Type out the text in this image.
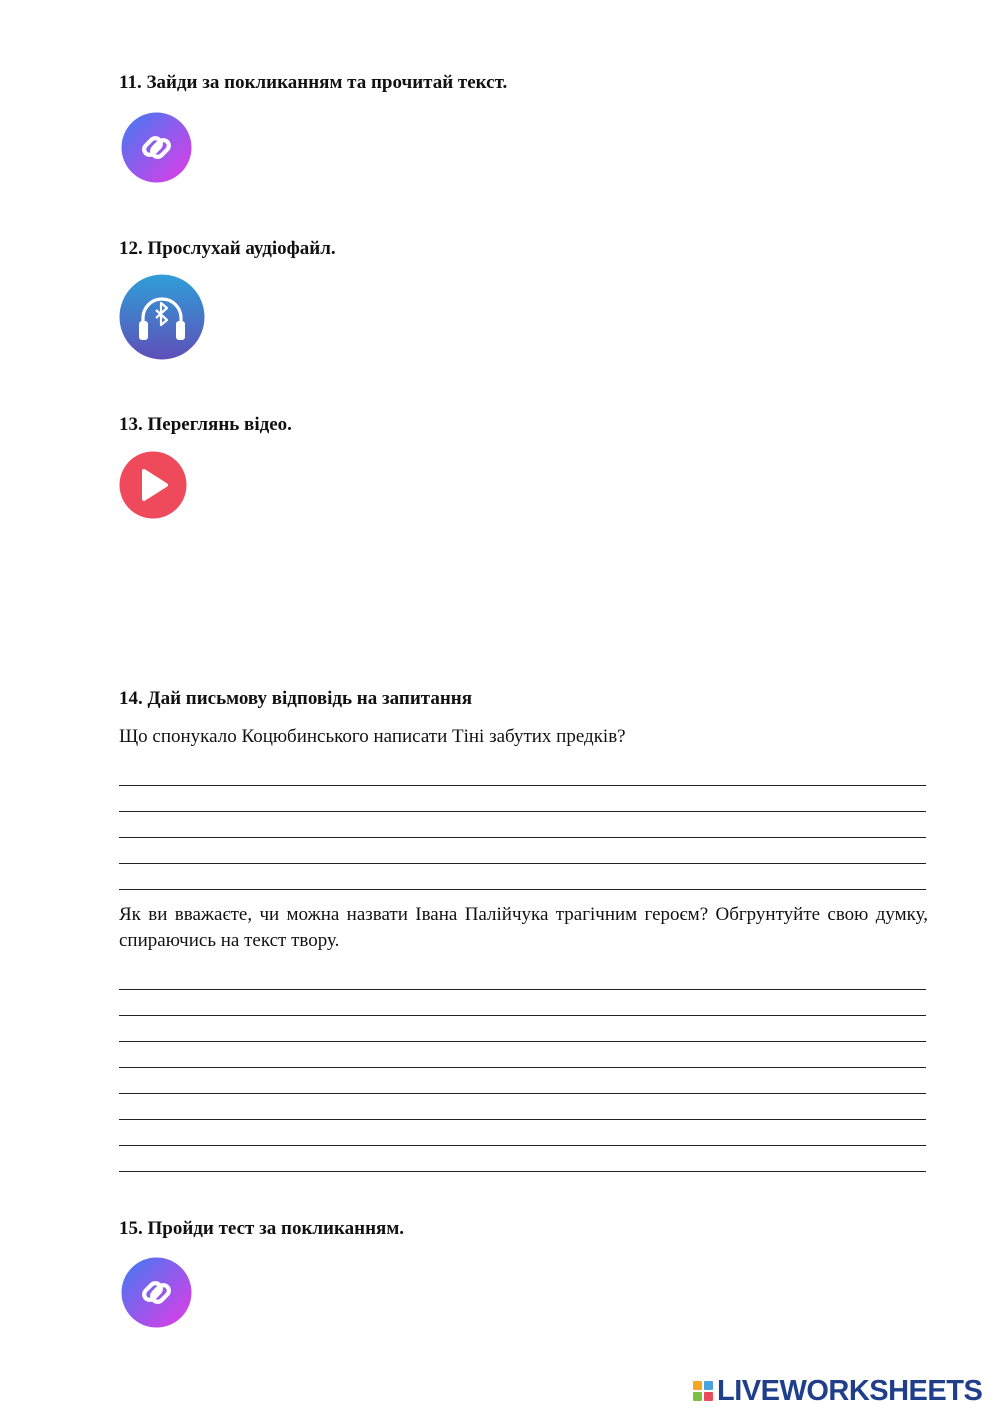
11. Зайди за покликанням та прочитай текст.
12. Прослухай аудіофайл.
13. Переглянь відео.
14. Дай письмову відповідь на запитання
Що спонукало Коцюбинського написати Тіні забутих предків?
Як ви вважаєте, чи можна назвати Івана Палійчука трагічним героєм? Обгрунтуйте свою думку, спираючись на текст твору.
15. Пройди тест за покликанням.
LIVEWORKSHEETS
